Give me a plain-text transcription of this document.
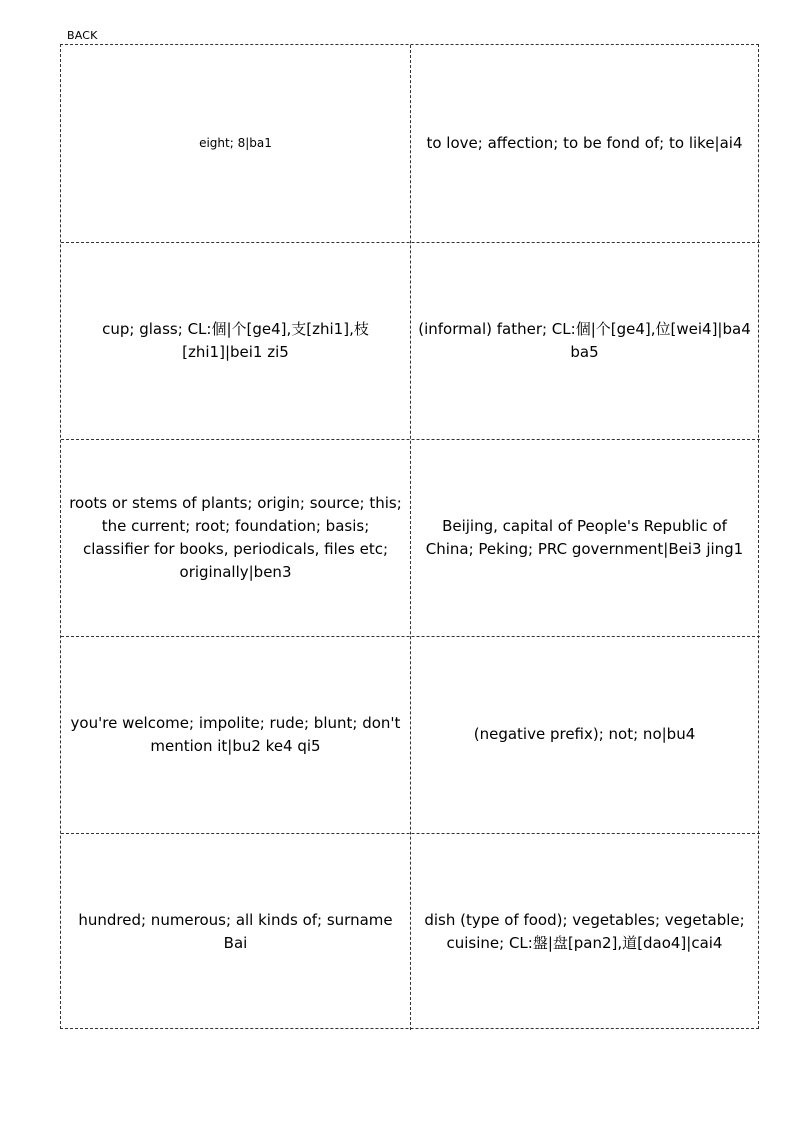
BACK
eight; 8|ba1	to love; affection; to be fond of; to like|ai4
cup; glass; CL:個|个[ge4],支[zhi1],枝[zhi1]|bei1 zi5
(informal) father; CL:個|个[ge4],位[wei4]|ba4 ba5
roots or stems of plants; origin; source; this; the current; root; foundation; basis; classifier for books, periodicals, files etc; originally|ben3
Beijing, capital of People's Republic of China; Peking; PRC government|Bei3 jing1
you're welcome; impolite; rude; blunt; don't mention it|bu2 ke4 qi5
(negative prefix); not; no|bu4
hundred; numerous; all kinds of; surname Bai
dish (type of food); vegetables; vegetable; cuisine; CL:盤|盘[pan2],道[dao4]|cai4
